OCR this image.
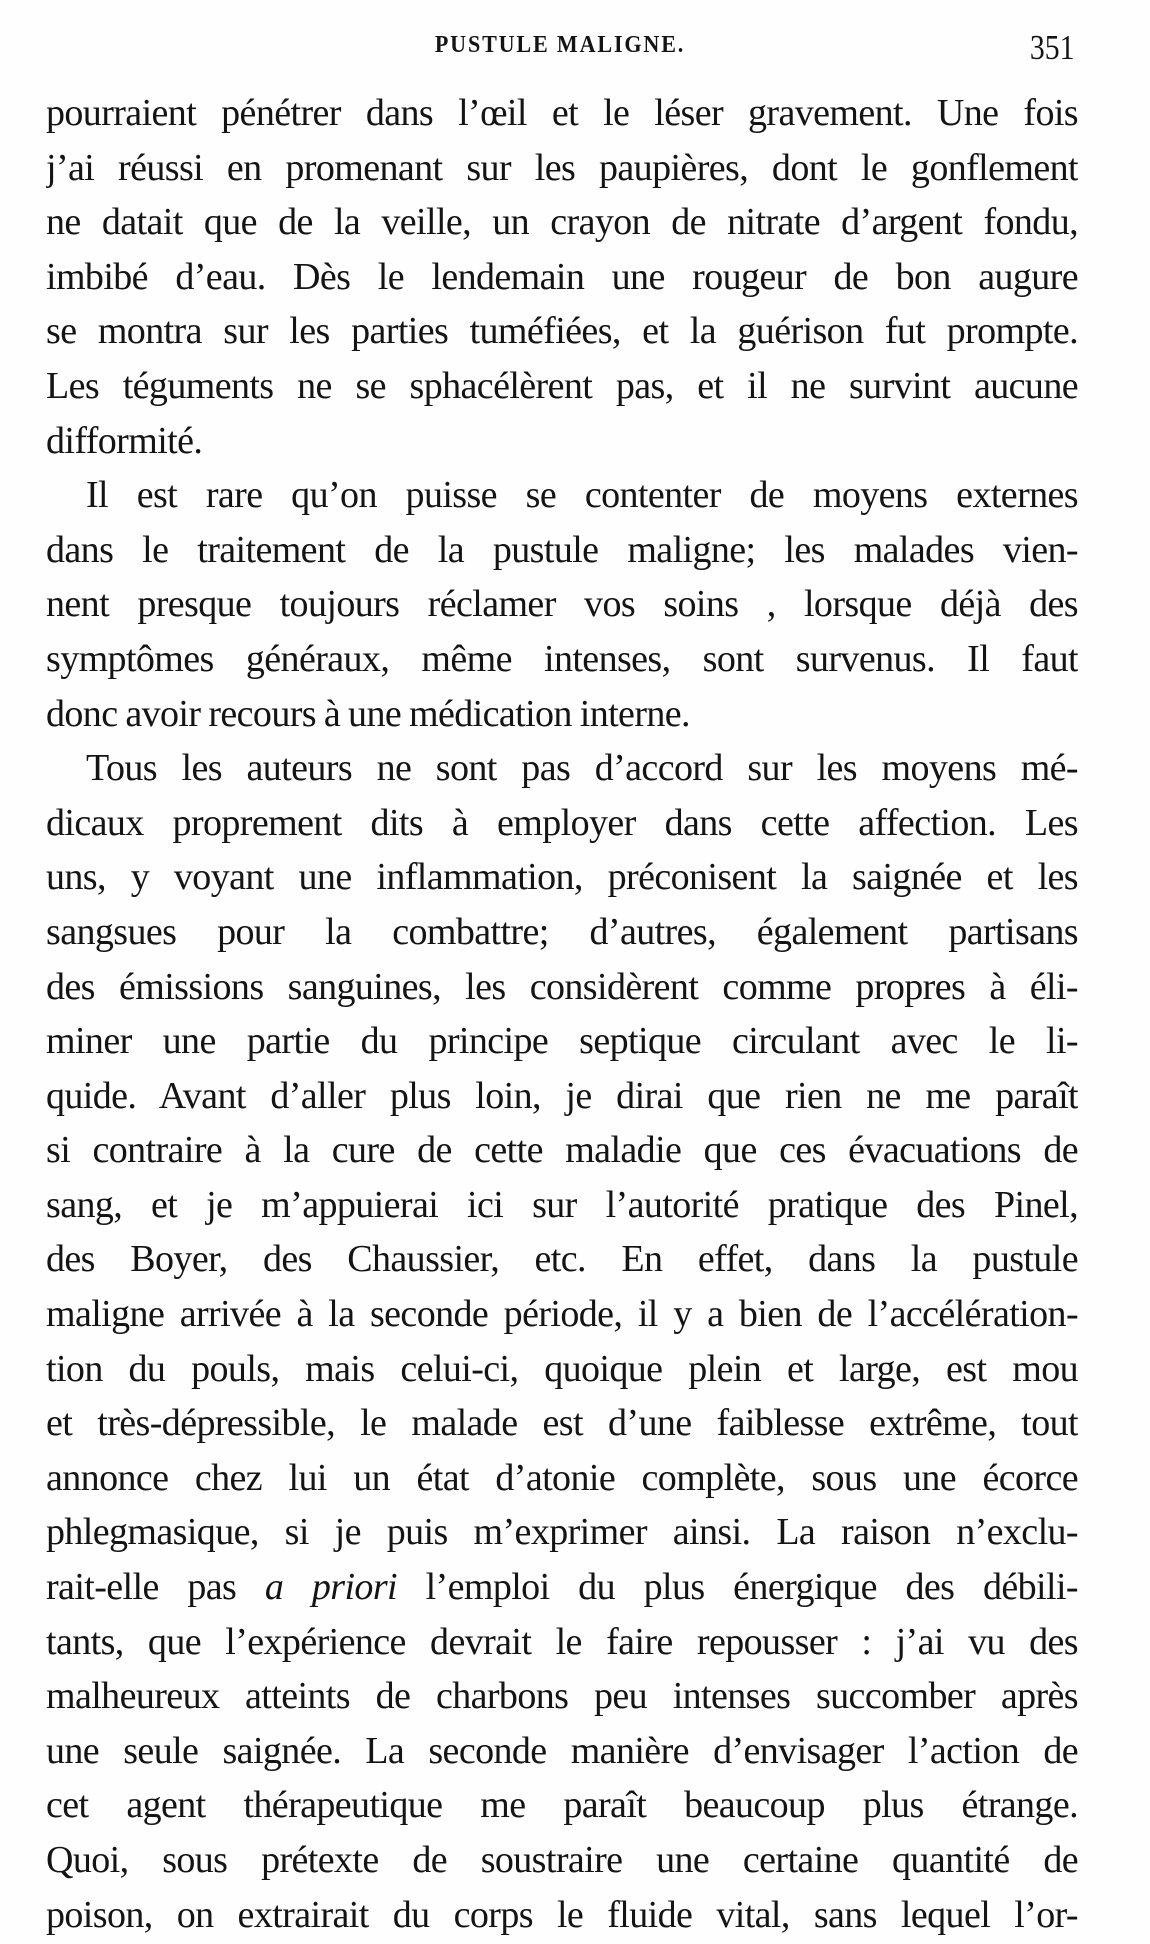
PUSTULE MALIGNE.	351
pourraient pénétrer dans l’œil et le léser gravement. Une fois
j’ai réussi en promenant sur les paupières, dont le gonflement
ne datait que de la veille, un crayon de nitrate d’argent fondu,
imbibé d’eau. Dès le lendemain une rougeur de bon augure
se montra sur les parties tuméfiées, et la guérison fut prompte.
Les téguments ne se sphacélèrent pas, et il ne survint aucune
difformité.
Il est rare qu’on puisse se contenter de moyens externes
dans le traitement de la pustule maligne; les malades vien-
nent presque toujours réclamer vos soins , lorsque déjà des
symptômes généraux, même intenses, sont survenus. Il faut
donc avoir recours à une médication interne.
Tous les auteurs ne sont pas d’accord sur les moyens mé-
dicaux proprement dits à employer dans cette affection. Les
uns, y voyant une inflammation, préconisent la saignée et les
sangsues pour la combattre; d’autres, également partisans
des émissions sanguines, les considèrent comme propres à éli-
miner une partie du principe septique circulant avec le li-
quide. Avant d’aller plus loin, je dirai que rien ne me paraît
si contraire à la cure de cette maladie que ces évacuations de
sang, et je m’appuierai ici sur l’autorité pratique des Pinel,
des Boyer, des Chaussier, etc. En effet, dans la pustule
maligne arrivée à la seconde période, il y a bien de l’accélération-
tion du pouls, mais celui-ci, quoique plein et large, est mou
et très-dépressible, le malade est d’une faiblesse extrême, tout
annonce chez lui un état d’atonie complète, sous une écorce
phlegmasique, si je puis m’exprimer ainsi. La raison n’exclu-
rait-elle pas a priori l’emploi du plus énergique des débili-
tants, que l’expérience devrait le faire repousser : j’ai vu des
malheureux atteints de charbons peu intenses succomber après
une seule saignée. La seconde manière d’envisager l’action de
cet agent thérapeutique me paraît beaucoup plus étrange.
Quoi, sous prétexte de soustraire une certaine quantité de
poison, on extrairait du corps le fluide vital, sans lequel l’or-
